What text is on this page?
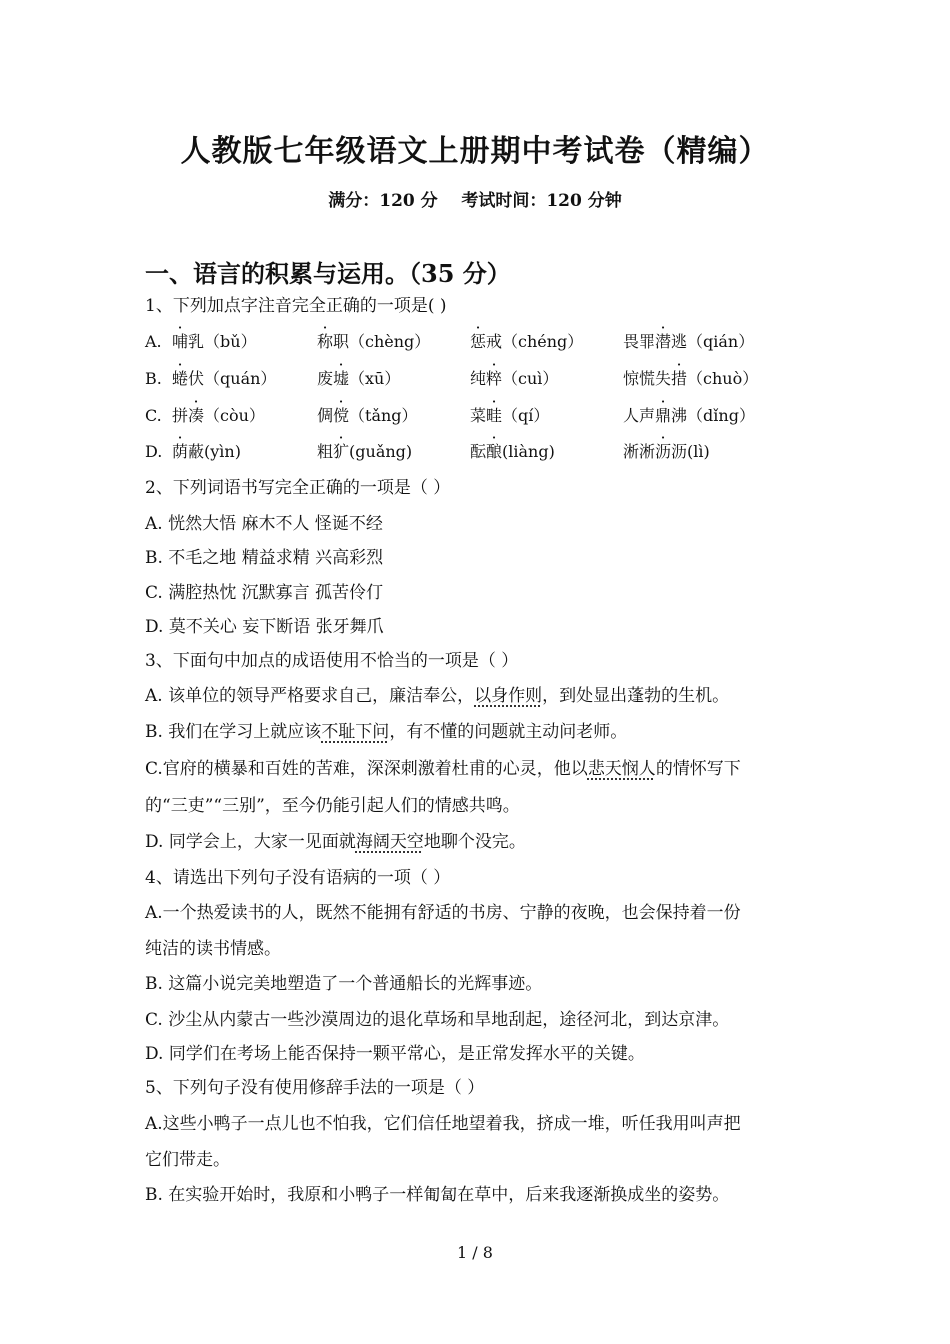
人教版七年级语文上册期中考试卷（精编）
满分：120 分    考试时间：120 分钟
一、语言的积累与运用。（35 分）
1、下列加点字注音完全正确的一项是( )
A. 哺乳（bǔ）	称职（chèng） 惩戒（chéng） 畏罪潜逃（qián）
B. 蜷伏（quán）	废墟（xū）	纯粹（cuì）	惊慌失措（chuò）
C. 拼凑（còu）	倜傥（tǎng）	菜畦（qí）	人声鼎沸（dǐng）
D. 荫蔽(yìn)	粗犷(guǎng)	酝酿(liàng)	淅淅沥沥(lì)
2、下列词语书写完全正确的一项是（ ）
A. 恍然大悟 麻木不人 怪诞不经
B. 不毛之地 精益求精 兴高彩烈
C. 满腔热忱 沉默寡言 孤苦伶仃
D. 莫不关心 妄下断语 张牙舞爪
3、下面句中加点的成语使用不恰当的一项是（ ）
A. 该单位的领导严格要求自己，廉洁奉公，以身作则，到处显出蓬勃的生机。
B. 我们在学习上就应该不耻下问，有不懂的问题就主动问老师。
C.官府的横暴和百姓的苦难，深深刺激着杜甫的心灵，他以悲天悯人的情怀写下
的“三吏”“三别”，至今仍能引起人们的情感共鸣。
D. 同学会上，大家一见面就海阔天空地聊个没完。
4、请选出下列句子没有语病的一项（ ）
A.一个热爱读书的人，既然不能拥有舒适的书房、宁静的夜晚，也会保持着一份
纯洁的读书情感。
B. 这篇小说完美地塑造了一个普通船长的光辉事迹。
C. 沙尘从内蒙古一些沙漠周边的退化草场和旱地刮起，途径河北，到达京津。
D. 同学们在考场上能否保持一颗平常心，是正常发挥水平的关键。
5、下列句子没有使用修辞手法的一项是（ ）
A.这些小鸭子一点儿也不怕我，它们信任地望着我，挤成一堆，听任我用叫声把
它们带走。
B. 在实验开始时，我原和小鸭子一样匍匐在草中，后来我逐渐换成坐的姿势。
1 / 8
